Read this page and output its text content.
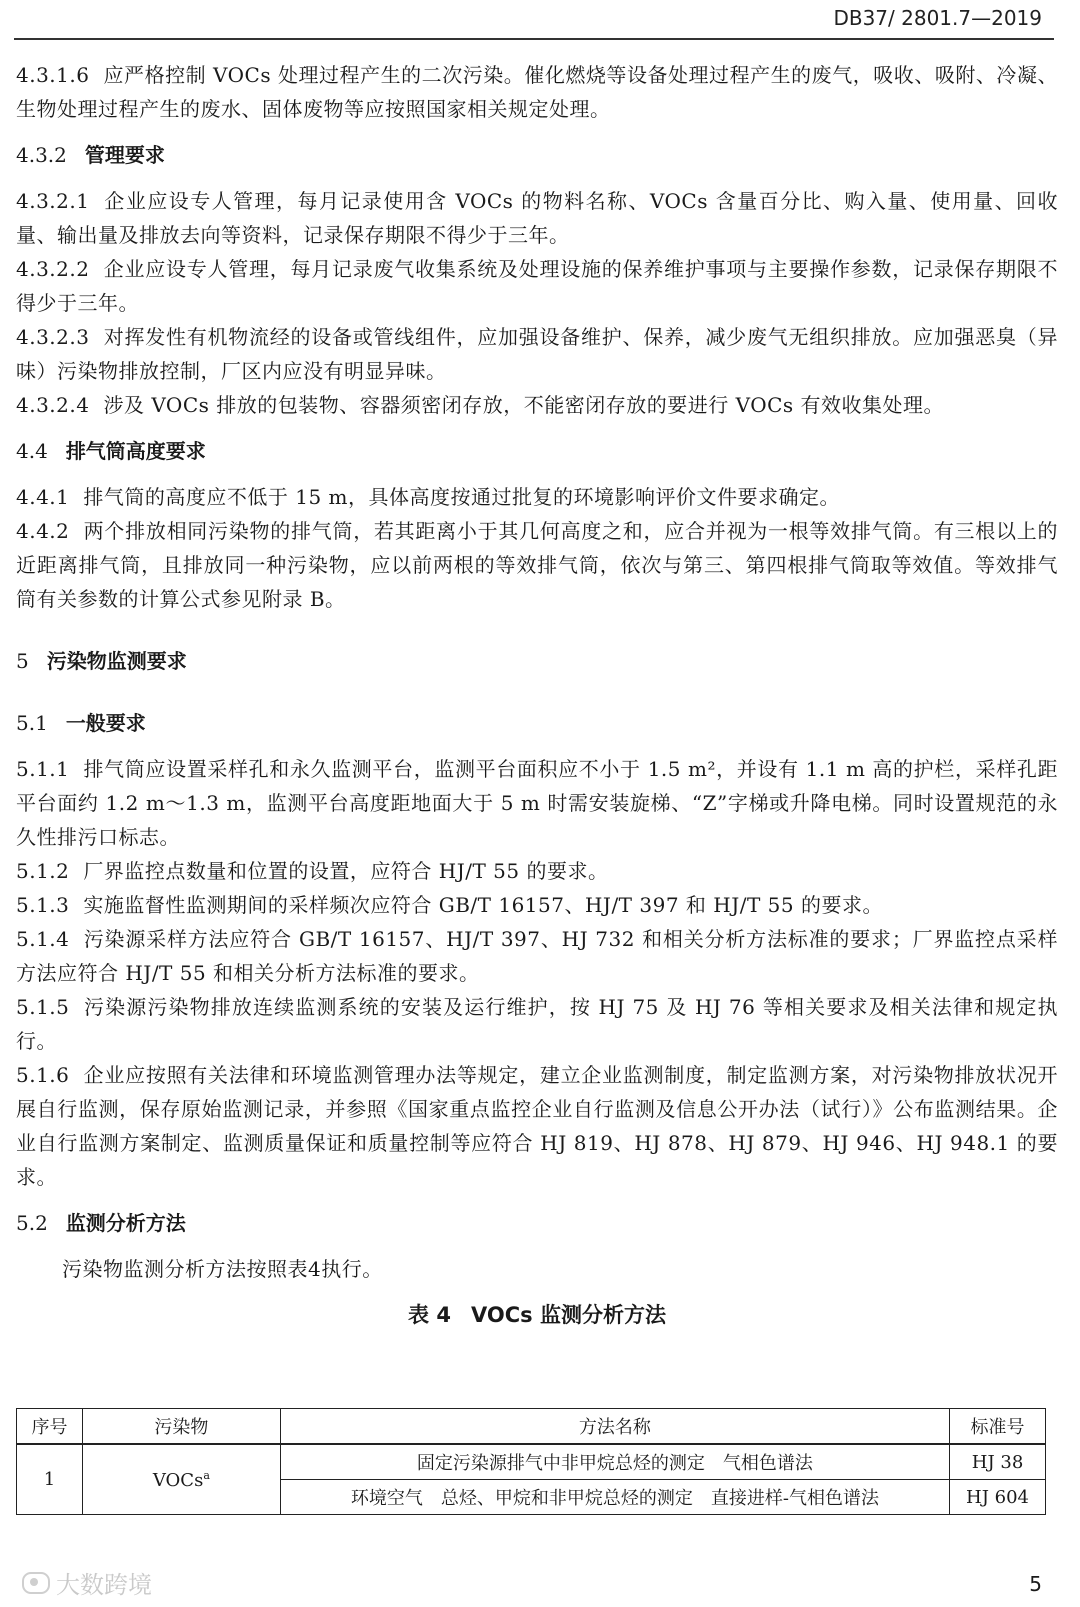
DB37/ 2801.7—2019

4.3.1.6 应严格控制 VOCs 处理过程产生的二次污染。催化燃烧等设备处理过程产生的废气，吸收、吸附、冷凝、生物处理过程产生的废水、固体废物等应按照国家相关规定处理。

4.3.2 管理要求

4.3.2.1 企业应设专人管理，每月记录使用含 VOCs 的物料名称、VOCs 含量百分比、购入量、使用量、回收量、输出量及排放去向等资料，记录保存期限不得少于三年。

4.3.2.2 企业应设专人管理，每月记录废气收集系统及处理设施的保养维护事项与主要操作参数，记录保存期限不得少于三年。

4.3.2.3 对挥发性有机物流经的设备或管线组件，应加强设备维护、保养，减少废气无组织排放。应加强恶臭（异味）污染物排放控制，厂区内应没有明显异味。

4.3.2.4 涉及 VOCs 排放的包装物、容器须密闭存放，不能密闭存放的要进行 VOCs 有效收集处理。

4.4 排气筒高度要求

4.4.1 排气筒的高度应不低于 15 m，具体高度按通过批复的环境影响评价文件要求确定。

4.4.2 两个排放相同污染物的排气筒，若其距离小于其几何高度之和，应合并视为一根等效排气筒。有三根以上的近距离排气筒，且排放同一种污染物，应以前两根的等效排气筒，依次与第三、第四根排气筒取等效值。等效排气筒有关参数的计算公式参见附录 B。

5 污染物监测要求

5.1 一般要求

5.1.1 排气筒应设置采样孔和永久监测平台，监测平台面积应不小于 1.5 m²，并设有 1.1 m 高的护栏，采样孔距平台面约 1.2 m～1.3 m，监测平台高度距地面大于 5 m 时需安装旋梯、“Z”字梯或升降电梯。同时设置规范的永久性排污口标志。

5.1.2 厂界监控点数量和位置的设置，应符合 HJ/T 55 的要求。

5.1.3 实施监督性监测期间的采样频次应符合 GB/T 16157、HJ/T 397 和 HJ/T 55 的要求。

5.1.4 污染源采样方法应符合 GB/T 16157、HJ/T 397、HJ 732 和相关分析方法标准的要求；厂界监控点采样方法应符合 HJ/T 55 和相关分析方法标准的要求。

5.1.5 污染源污染物排放连续监测系统的安装及运行维护，按 HJ 75 及 HJ 76 等相关要求及相关法律和规定执行。

5.1.6 企业应按照有关法律和环境监测管理办法等规定，建立企业监测制度，制定监测方案，对污染物排放状况开展自行监测，保存原始监测记录，并参照《国家重点监控企业自行监测及信息公开办法（试行）》公布监测结果。企业自行监测方案制定、监测质量保证和质量控制等应符合 HJ 819、HJ 878、HJ 879、HJ 946、HJ 948.1 的要求。

5.2 监测分析方法

污染物监测分析方法按照表4执行。

表 4 VOCs 监测分析方法

序号	污染物	方法名称	标准号
1	VOCs$^a$	固定污染源排气中非甲烷总烃的测定　气相色谱法	HJ 38
		环境空气　总烃、甲烷和非甲烷总烃的测定　直接进样-气相色谱法	HJ 604
大数跨境	5
